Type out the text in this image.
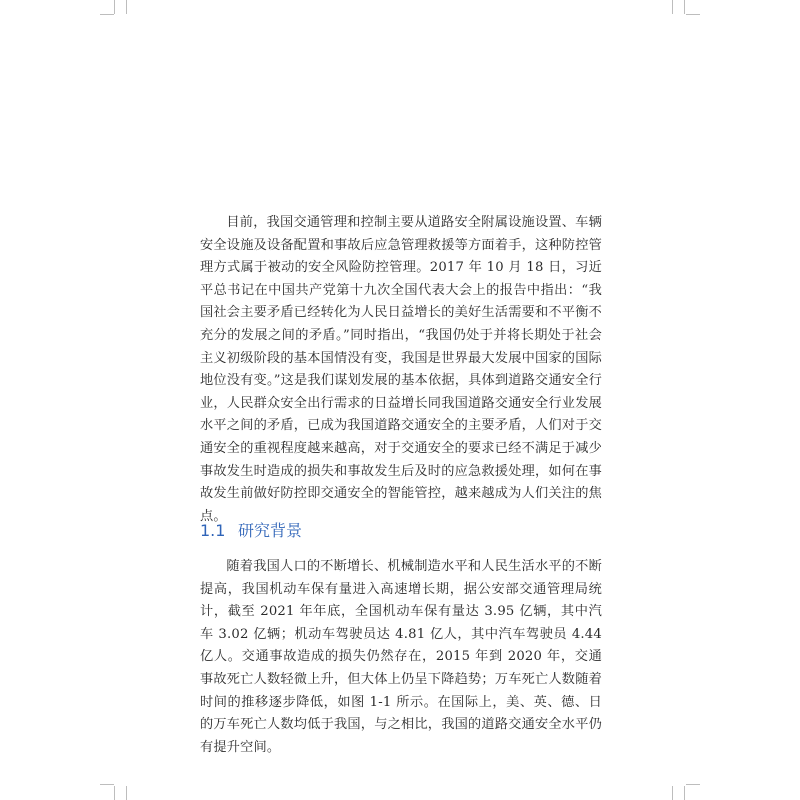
目前，我国交通管理和控制主要从道路安全附属设施设置、车辆安全设施及设备配置和事故后应急管理救援等方面着手，这种防控管理方式属于被动的安全风险防控管理。2017 年 10 月 18 日，习近平总书记在中国共产党第十九次全国代表大会上的报告中指出：“我国社会主要矛盾已经转化为人民日益增长的美好生活需要和不平衡不充分的发展之间的矛盾。”同时指出，“我国仍处于并将长期处于社会主义初级阶段的基本国情没有变，我国是世界最大发展中国家的国际地位没有变。”这是我们谋划发展的基本依据，具体到道路交通安全行业，人民群众安全出行需求的日益增长同我国道路交通安全行业发展水平之间的矛盾，已成为我国道路交通安全的主要矛盾，人们对于交通安全的重视程度越来越高，对于交通安全的要求已经不满足于减少事故发生时造成的损失和事故发生后及时的应急救援处理，如何在事故发生前做好防控即交通安全的智能管控，越来越成为人们关注的焦点。

1.1 研究背景

随着我国人口的不断增长、机械制造水平和人民生活水平的不断提高，我国机动车保有量进入高速增长期，据公安部交通管理局统计，截至 2021 年年底，全国机动车保有量达 3.95 亿辆，其中汽车 3.02 亿辆；机动车驾驶员达 4.81 亿人，其中汽车驾驶员 4.44 亿人。交通事故造成的损失仍然存在，2015 年到 2020 年，交通事故死亡人数轻微上升，但大体上仍呈下降趋势；万车死亡人数随着时间的推移逐步降低，如图 1-1 所示。在国际上，美、英、德、日的万车死亡人数均低于我国，与之相比，我国的道路交通安全水平仍有提升空间。
